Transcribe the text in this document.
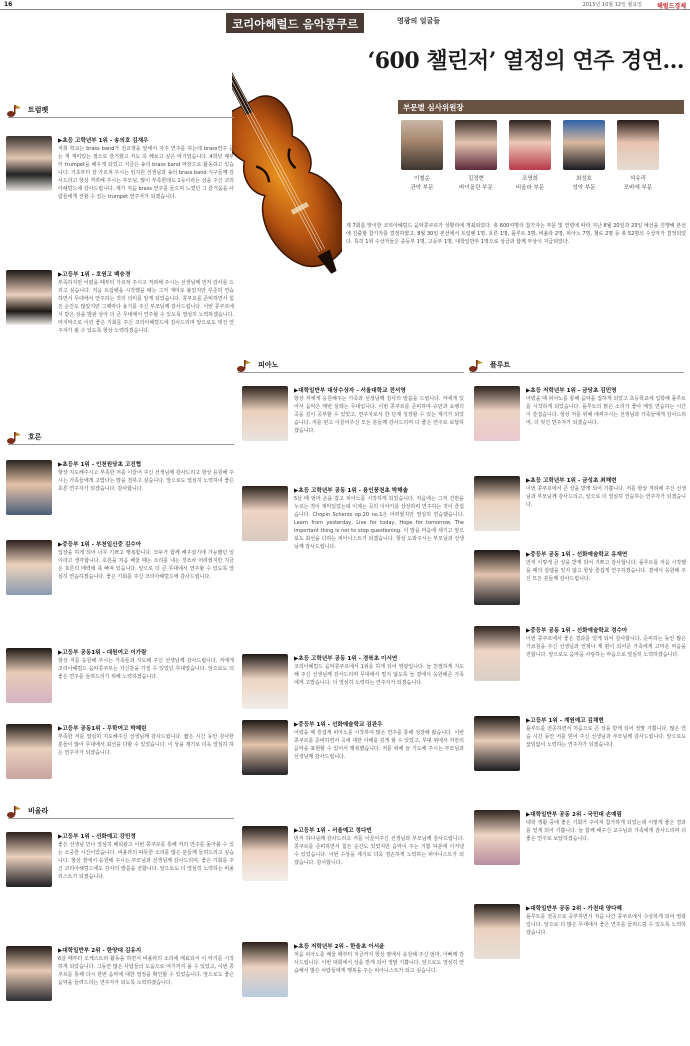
16	2015년 10월 12일 월요일	헤럴드경제
코리아헤럴드 음악콩쿠르	영광의 얼굴들
‘600 챌린저’ 열정의 연주 경연…
부문별 심사위원장
이철순
관악 부문
김정현
바이올린 부문
조영희
비올라 부문
최성호
성악 부문
석유리
모바에 부문
제 7회를 맞이한 코리아헤럴드 음악콩쿠르가 성황리에 개최되었다. 총 600여명의 참가자는 부문 및 연령에 따라 지난 8월 20일과 23일 예선을 진행해 본선에 진출할 참가자를 결정하였고, 8월 30일 본선에서 트럼펫 1명, 호른 1명, 플루트 3명, 비올라 2명, 피아노 7명, 첼로 2명 등 총 52명의 수상자가 결정되었다. 특히 1위 수상자들은 중등부 1명, 고등부 1명, 대학일반부 1명으로 상금과 함께 부상이 지급되었다.
트럼펫
▶초등 고학년부 1위 - 송의호 김재우
저희 학교는 brass band가 전교생을 앞에서 자주 연주를 하는데 brass연주 듣는 게 재미있는 점으로 즐거웠고 저도 꼭 해보고 싶은 악기였습니다. 4학년 때부터 trumpet을 배우게 되었고 지금은 송의 brass band 악장으로 활동하고 있습니다. 기초부터 잘 가르쳐 주시는 임지원 선생님과 송의 brass band 식구들께 감사드리고 항상 격려해 주시는 부모님, 많이 부족한데도 1등이라는 상을 주신 코리아헤럴드에 감사드립니다. 제가 처음 brass 연주를 들으며 느꼈던 그 즐거움을 사람들에게 전할 수 있는 trumpet 연주자가 되겠습니다.
▶고등부 1위 - 호원고 백승경
부족하지만 어렸을 때부터 가르쳐 주시고 격려해 주시는 선생님께 먼저 감사를 드리고 싶습니다. 처음 트럼펫을 시작했을 때는 그저 재미로 불었지만 꾸준히 연습하면서 무대에서 연주하는 것의 의미를 알게 되었습니다. 콩쿠르를 준비하면서 힘든 순간도 많았지만 그때마다 용기를 주신 부모님께 감사드립니다. 이번 콩쿠르에서 받은 상을 발판 삼아 더 큰 무대에서 연주할 수 있도록 열심히 노력하겠습니다. 마지막으로 이런 좋은 기회를 주신 코리아헤럴드에 감사드리며 앞으로도 멋진 연주자가 될 수 있도록 항상 노력하겠습니다.
호른
▶초등부 1위 - 인천원당초 고진협
항상 지도해주시고 부족한 저를 이끌어 주신 선생님께 감사드리고 항상 응원해 주시는 가족들에게 고맙다는 말을 전하고 싶습니다. 앞으로도 열심히 노력하여 좋은 호른 연주자가 되겠습니다. 감사합니다.
▶중등부 1위 - 부천일신중 김수아
입상을 하게 되어 너무 기쁘고 행복합니다. 모두가 함께 해주셨기에 가능했던 일이라고 생각합니다. 호른을 처음 배울 때는 소리를 내는 것조차 어려웠지만 지금은 호른의 매력에 푹 빠져 있습니다. 앞으로 더 큰 무대에서 연주할 수 있도록 열심히 연습하겠습니다. 좋은 기회를 주신 코리아헤럴드에 감사드립니다.
▶고등부 공동1위 - 대원여고 이가람
항상 저를 응원해 주시는 가족들과 지도해 주신 선생님께 감사드립니다. 저에게 코리아헤럴드 음악콩쿠르는 자신감을 가질 수 있었던 무대였습니다. 앞으로도 더 좋은 연주를 들려드리기 위해 노력하겠습니다.
▶고등부 공동1위 - 무학여고 박혜린
부족한 저를 열심히 지도해주신 선생님께 감사드립니다. 짧은 시간 동안 감사한 분들이 많아 무대에서 최선을 다할 수 있었습니다. 이 상을 계기로 더욱 열심히 하는 연주자가 되겠습니다.
비올라
▶고등부 1위 - 선화예고 강민정
좋은 선생님 만나 열심히 배워왔고 이번 콩쿠르를 통해 저의 연주를 돌아볼 수 있는 소중한 시간이었습니다. 비올라의 따뜻한 소리를 많은 분들께 들려드리고 싶습니다. 항상 곁에서 응원해 주시는 부모님과 선생님께 감사드리며, 좋은 기회를 주신 코리아헤럴드에도 감사의 말씀을 전합니다. 앞으로도 더 열심히 노력하는 비올리스트가 되겠습니다.
▶대학일반부 2위 - 한양대 김유지
6살 때부터 오케스트라 활동을 하면서 비올라의 소리에 매료되어 이 악기를 시작하게 되었습니다. 그동안 많은 사람들의 도움으로 여기까지 올 수 있었고, 이번 콩쿠르를 통해 다시 한번 음악에 대한 열정을 확인할 수 있었습니다. 앞으로도 좋은 음악을 들려드리는 연주자가 되도록 노력하겠습니다.
피아노
▶대학일반부 대상수상자 - 서울대학교 전서영
항상 저에게 응원해주는 가족과 선생님께 감사의 말씀을 드립니다. 저에게 있어서 음악은 매번 설레는 무대입니다. 이번 콩쿠르를 준비하며 슈만과 쇼팽의 곡을 깊이 공부할 수 있었고, 연주자로서 한 단계 성장할 수 있는 계기가 되었습니다. 저를 믿고 이끌어주신 모든 분들께 감사드리며 더 좋은 연주로 보답하겠습니다.
▶초등 고학년부 공동 1위 - 용인풍천초 박해솔
5살 때 엄마 손을 잡고 피아노를 시작하게 되었습니다. 처음에는 그저 건반을 누르는 것이 재미있었는데 이제는 곡의 이야기를 상상하며 연주하는 것이 즐겁습니다. Chopin Scherzo op.20 no.1은 어려웠지만 열심히 연습했습니다. Learn from yesterday, Live for today, Hope for tomorrow. The important thing is not to stop questioning. 이 말을 마음에 새기고 앞으로도 최선을 다하는 피아니스트가 되겠습니다. 항상 도와주시는 부모님과 선생님께 감사드립니다.
▶초등 고학년부 공동 1위 - 경북초 이서연
코리아헤럴드 음악콩쿠르에서 1위를 하게 되어 영광입니다. 늘 친절하게 지도해 주신 선생님께 감사드리며 무대에서 떨지 않도록 늘 곁에서 응원해준 가족에게 고맙습니다. 더 열심히 노력하는 연주자가 되겠습니다.
▶중등부 1위 - 선화예술학교 김관우
어렸을 때 즐겁게 피아노를 시작하여 많은 연주를 통해 성장해 왔습니다. 이번 콩쿠르를 준비하면서 곡에 대한 이해를 깊게 할 수 있었고, 무대 위에서 저만의 음악을 표현할 수 있어서 행복했습니다. 저를 위해 늘 기도해 주시는 부모님과 선생님께 감사드립니다.
▶고등부 1위 - 서울예고 정다빈
먼저 하나님께 감사드리고 저를 이끌어주신 선생님과 부모님께 감사드립니다. 콩쿠르를 준비하면서 힘든 순간도 있었지만 음악이 주는 기쁨 덕분에 이겨낼 수 있었습니다. 이번 수상을 계기로 더욱 겸손하게 노력하는 피아니스트가 되겠습니다. 감사합니다.
▶초등 저학년부 2위 - 한울초 이서윤
처음 피아노를 배울 때부터 지금까지 항상 옆에서 응원해 주신 엄마, 아빠께 감사드립니다. 이번 대회에서 상을 받게 되어 정말 기쁩니다. 앞으로도 열심히 연습해서 많은 사람들에게 행복을 주는 피아니스트가 되고 싶습니다.
플루트
▶초등 저학년부 1위 - 금당초 김민영
어렸을 때 피아노를 통해 음악을 접하게 되었고 초등학교에 입학해 플루트를 시작하게 되었습니다. 플루트의 맑은 소리가 좋아 매일 연습하는 시간이 즐겁습니다. 항상 저를 위해 애써주시는 선생님과 가족들에게 감사드리며, 더 멋진 연주자가 되겠습니다.
▶초등 고학년부 1위 - 금성초 최해련
이번 콩쿠르에서 큰 상을 받게 되어 기쁩니다. 저를 항상 격려해 주신 선생님과 부모님께 감사드리고, 앞으로 더 열심히 연습하는 연주자가 되겠습니다.
▶중등부 공동 1위 - 선화예술학교 유재연
먼저 이렇게 큰 상을 받게 되어 기쁘고 감사합니다. 플루트를 처음 시작했을 때의 설렘을 잊지 않고 항상 즐겁게 연주하겠습니다. 곁에서 응원해 주신 모든 분들께 감사드립니다.
▶중등부 공동 1위 - 선화예술학교 정수아
이번 콩쿠르에서 좋은 결과를 얻게 되어 감사합니다. 준비하는 동안 많은 가르침을 주신 선생님과 언제나 제 편이 되어준 가족에게 고마운 마음을 전합니다. 앞으로도 음악을 사랑하는 마음으로 열심히 노력하겠습니다.
▶고등부 1위 - 계원예고 김채현
플루트를 전공하면서 처음으로 큰 상을 받게 되어 정말 기쁩니다. 많은 연습 시간 동안 저를 믿어 주신 선생님과 부모님께 감사드립니다. 앞으로도 끊임없이 노력하는 연주자가 되겠습니다.
▶대학일반부 공동 2위 - 국민대 손예림
대학 생활 중에 좋은 기회가 주어져 참가하게 되었는데 이렇게 좋은 결과를 얻게 되어 기쁩니다. 늘 함께 해주신 교수님과 가족에게 감사드리며 더 좋은 연주로 보답하겠습니다.
▶대학일반부 공동 2위 - 가천대 양다혜
플루트를 전공으로 공부하면서 처음 나간 콩쿠르에서 수상하게 되어 영광입니다. 앞으로 더 많은 무대에서 좋은 연주를 들려드릴 수 있도록 노력하겠습니다.
